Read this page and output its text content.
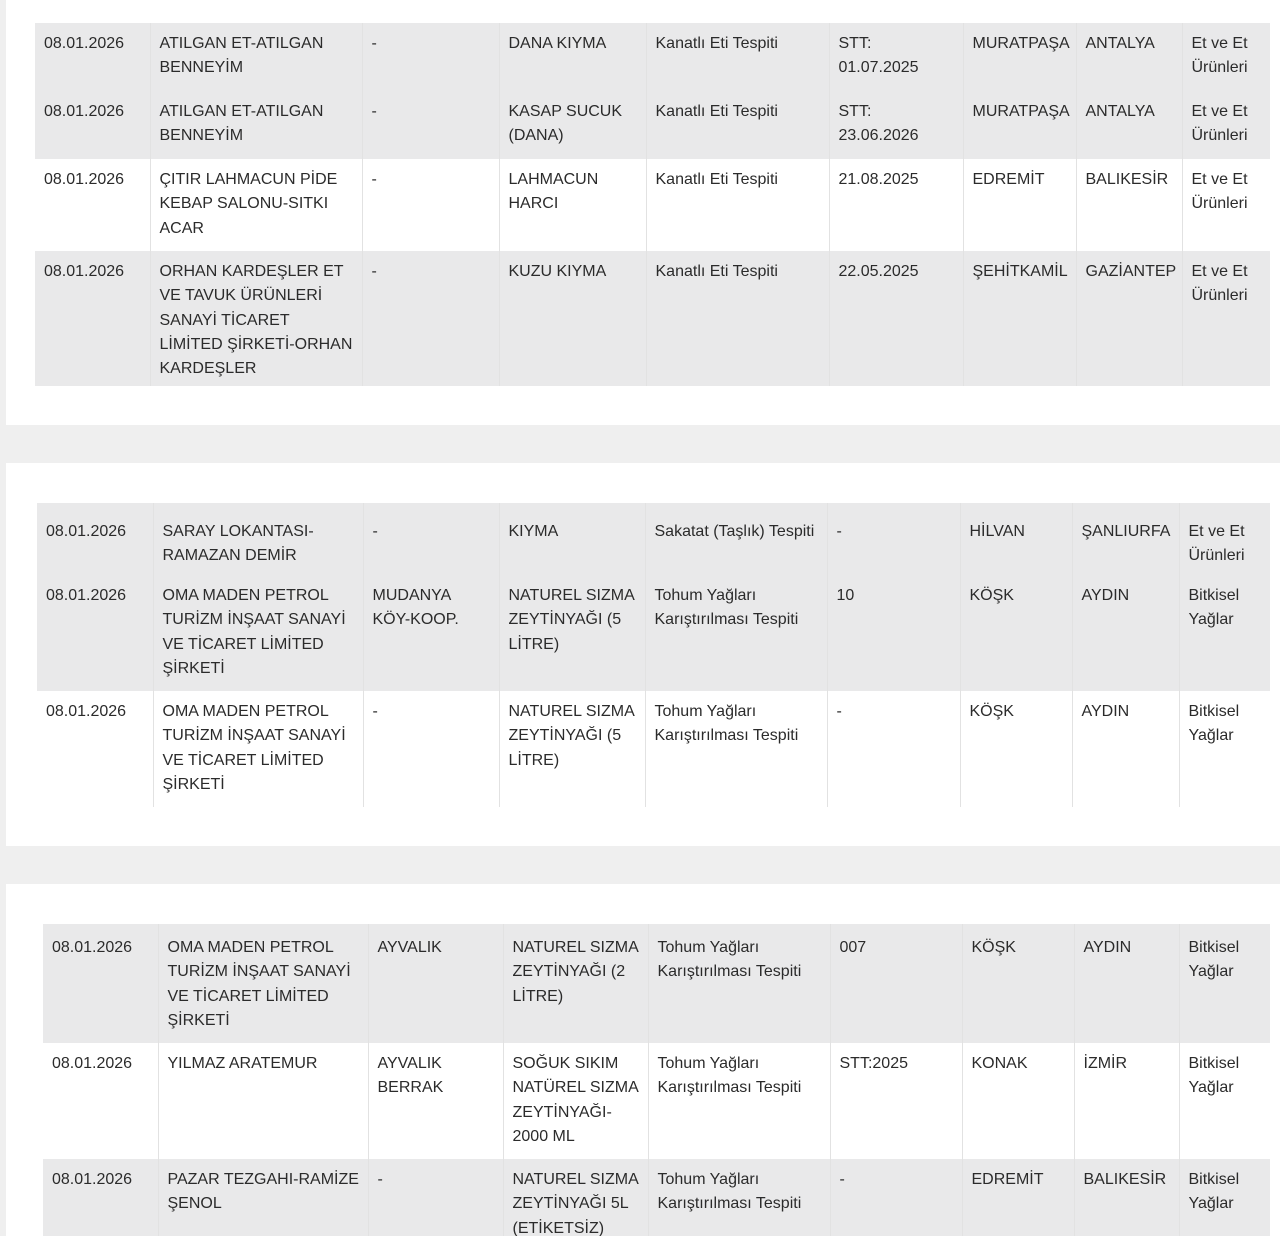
08.01.2026	ATILGAN ET-ATILGAN BENNEYİM	-	DANA KIYMA	Kanatlı Eti Tespiti	STT: 01.07.2025	MURATPAŞA	ANTALYA	Et ve Et Ürünleri
08.01.2026	ATILGAN ET-ATILGAN BENNEYİM	-	KASAP SUCUK (DANA)	Kanatlı Eti Tespiti	STT: 23.06.2026	MURATPAŞA	ANTALYA	Et ve Et Ürünleri
08.01.2026	ÇITIR LAHMACUN PİDE KEBAP SALONU-SITKI ACAR	-	LAHMACUN HARCI	Kanatlı Eti Tespiti	21.08.2025	EDREMİT	BALIKESİR	Et ve Et Ürünleri
08.01.2026	ORHAN KARDEŞLER ET VE TAVUK ÜRÜNLERİ SANAYİ TİCARET LİMİTED ŞİRKETİ-ORHAN KARDEŞLER	-	KUZU KIYMA	Kanatlı Eti Tespiti	22.05.2025	ŞEHİTKAMİL	GAZİANTEP	Et ve Et Ürünleri
08.01.2026	SARAY LOKANTASI-RAMAZAN DEMİR	-	KIYMA	Sakatat (Taşlık) Tespiti	-	HİLVAN	ŞANLIURFA	Et ve Et Ürünleri
08.01.2026	OMA MADEN PETROL TURİZM İNŞAAT SANAYİ VE TİCARET LİMİTED ŞİRKETİ	MUDANYA KÖY-KOOP.	NATUREL SIZMA ZEYTİNYAĞI (5 LİTRE)	Tohum Yağları Karıştırılması Tespiti	10	KÖŞK	AYDIN	Bitkisel Yağlar
08.01.2026	OMA MADEN PETROL TURİZM İNŞAAT SANAYİ VE TİCARET LİMİTED ŞİRKETİ	-	NATUREL SIZMA ZEYTİNYAĞI (5 LİTRE)	Tohum Yağları Karıştırılması Tespiti	-	KÖŞK	AYDIN	Bitkisel Yağlar
08.01.2026	OMA MADEN PETROL TURİZM İNŞAAT SANAYİ VE TİCARET LİMİTED ŞİRKETİ	AYVALIK	NATUREL SIZMA ZEYTİNYAĞI (2 LİTRE)	Tohum Yağları Karıştırılması Tespiti	007	KÖŞK	AYDIN	Bitkisel Yağlar
08.01.2026	YILMAZ ARATEMUR	AYVALIK BERRAK	SOĞUK SIKIM NATÜREL SIZMA ZEYTİNYAĞI-2000 ML	Tohum Yağları Karıştırılması Tespiti	STT:2025	KONAK	İZMİR	Bitkisel Yağlar
08.01.2026	PAZAR TEZGAHI-RAMİZE ŞENOL	-	NATUREL SIZMA ZEYTİNYAĞI 5L (ETİKETSİZ)	Tohum Yağları Karıştırılması Tespiti	-	EDREMİT	BALIKESİR	Bitkisel Yağlar
